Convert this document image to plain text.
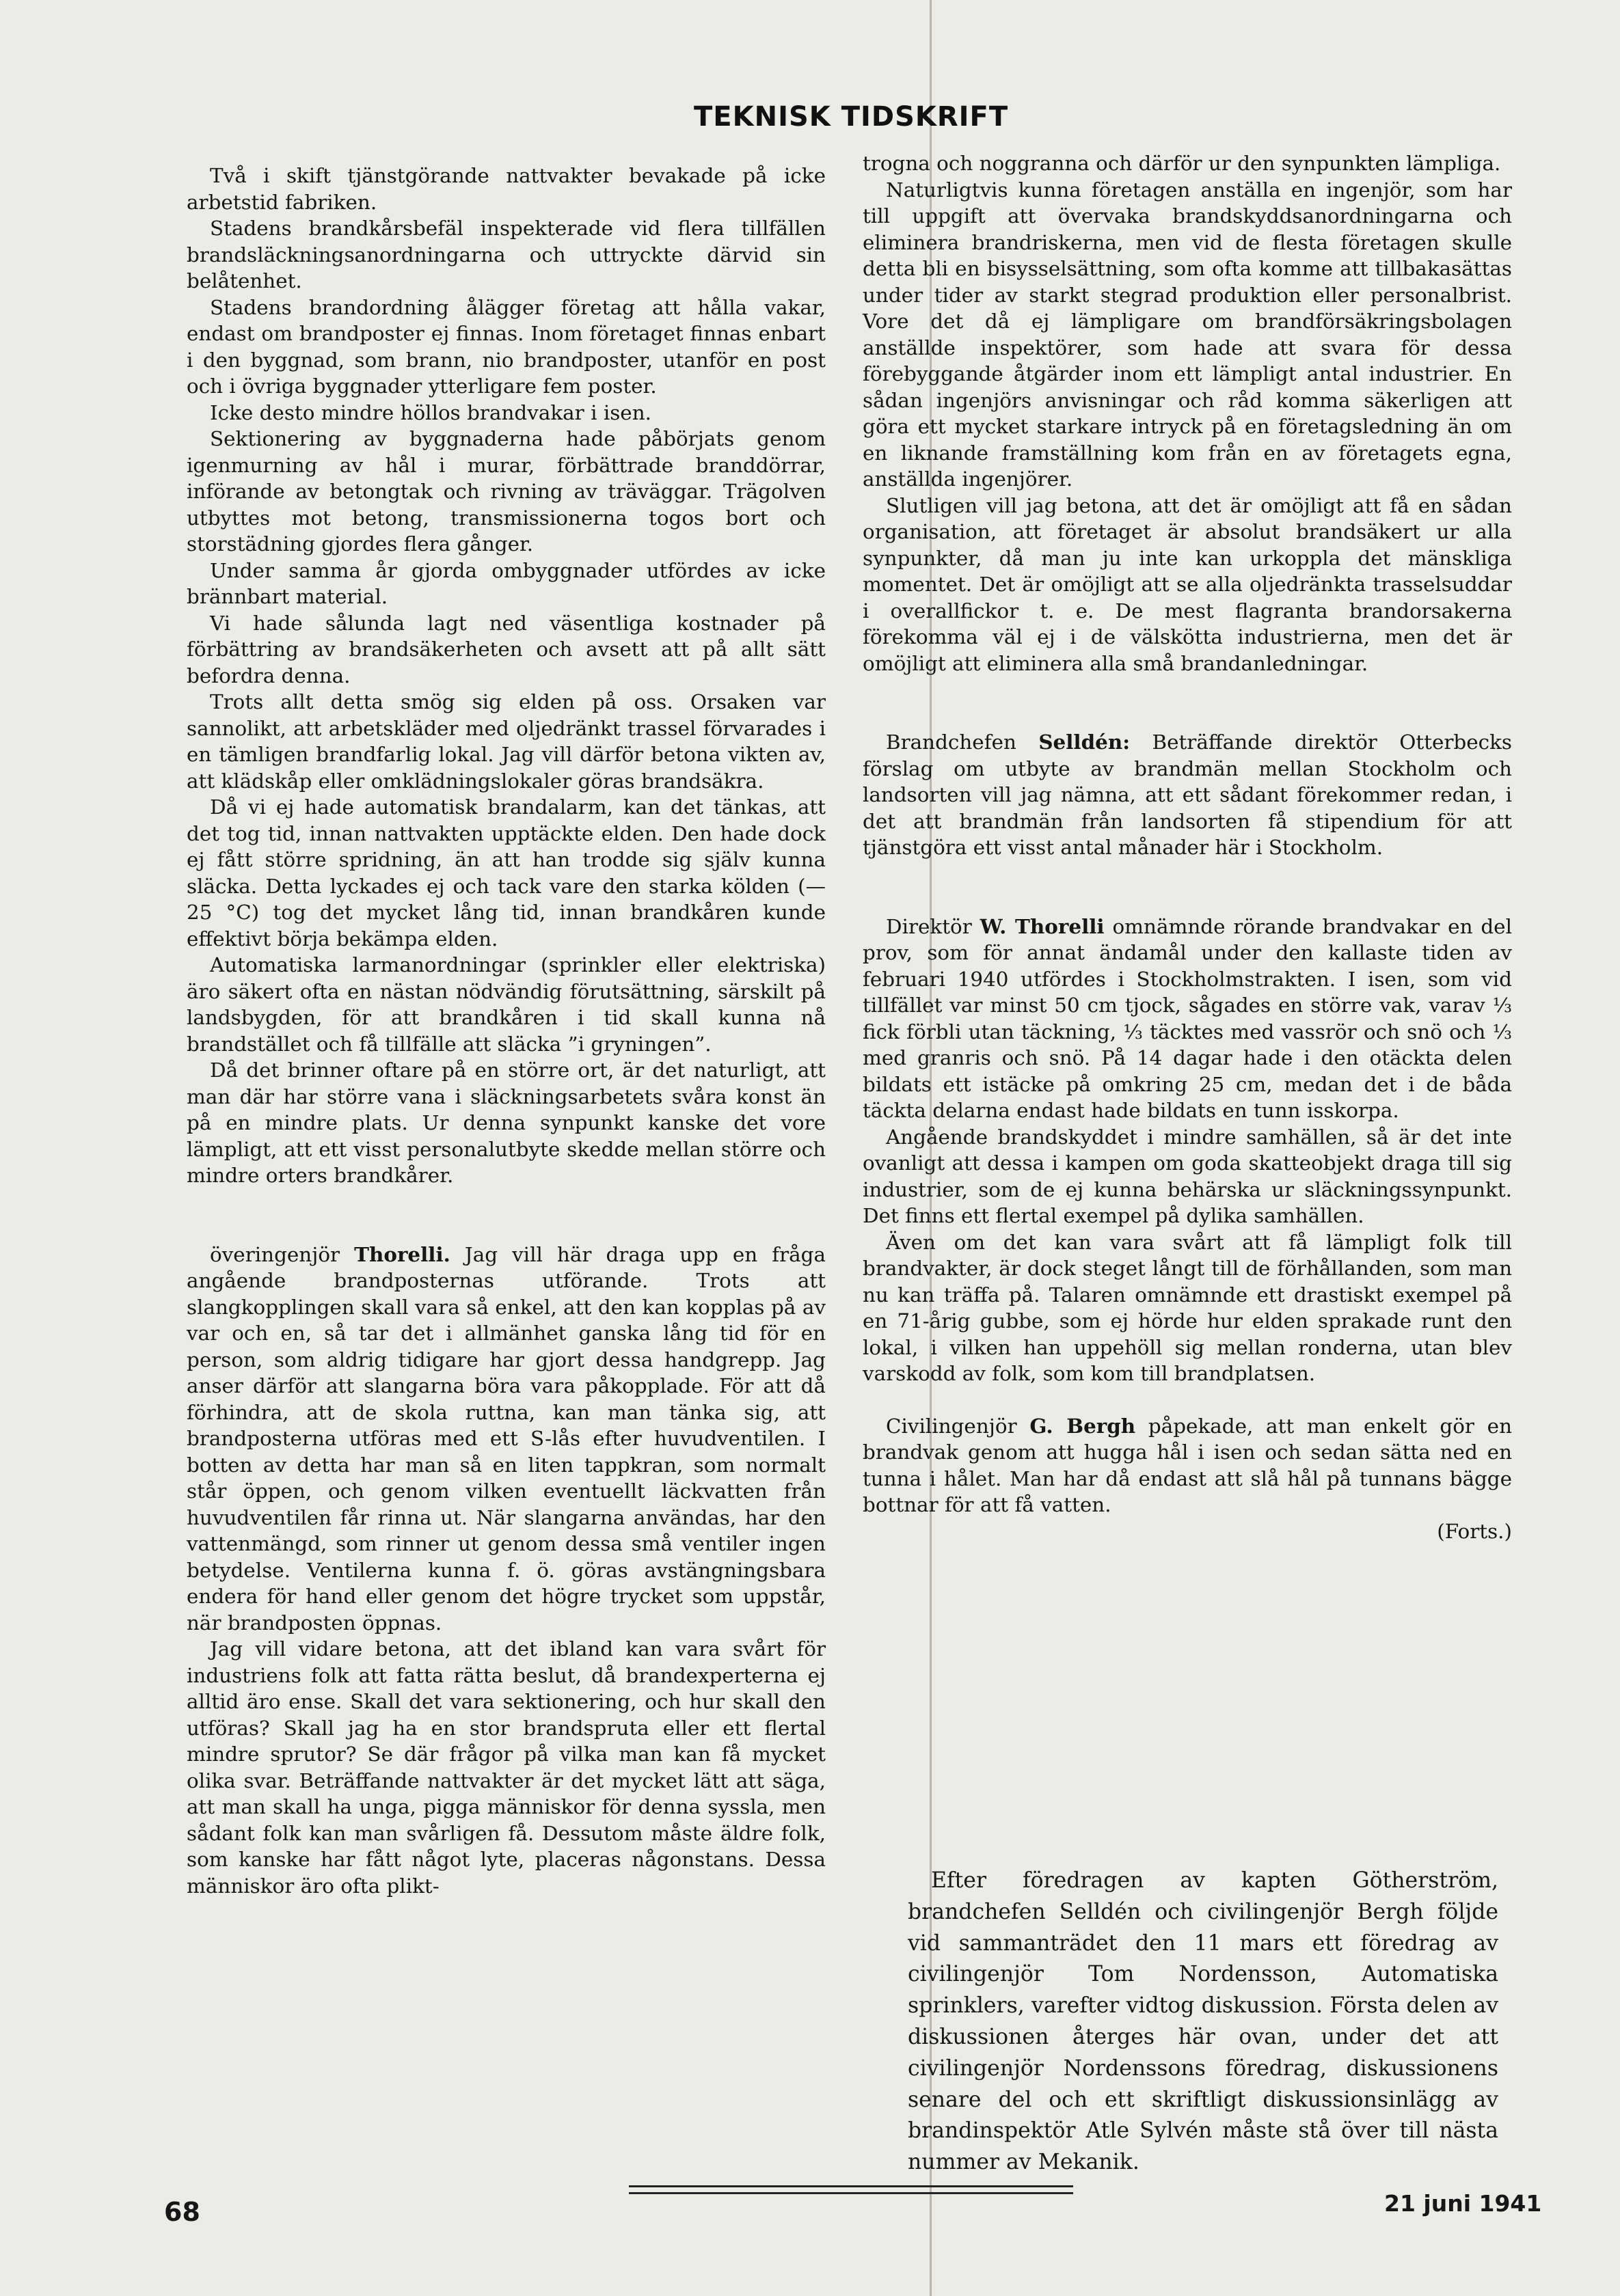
TEKNISK TIDSKRIFT

Två i skift tjänstgörande nattvakter bevakade på icke arbetstid fabriken.

Stadens brandkårsbefäl inspekterade vid flera tillfällen brandsläckningsanordningarna och uttryckte därvid sin belåtenhet.

Stadens brandordning ålägger företag att hålla vakar, endast om brandposter ej finnas. Inom företaget finnas enbart i den byggnad, som brann, nio brandposter, utanför en post och i övriga byggnader ytterligare fem poster.

Icke desto mindre höllos brandvakar i isen.

Sektionering av byggnaderna hade påbörjats genom igenmurning av hål i murar, förbättrade branddörrar, införande av betongtak och rivning av träväggar. Trägolven utbyttes mot betong, transmissionerna togos bort och storstädning gjordes flera gånger.

Under samma år gjorda ombyggnader utfördes av icke brännbart material.

Vi hade sålunda lagt ned väsentliga kostnader på förbättring av brandsäkerheten och avsett att på allt sätt befordra denna.

Trots allt detta smög sig elden på oss. Orsaken var sannolikt, att arbetskläder med oljedränkt trassel förvarades i en tämligen brandfarlig lokal. Jag vill därför betona vikten av, att klädskåp eller omklädningslokaler göras brandsäkra.

Då vi ej hade automatisk brandalarm, kan det tänkas, att det tog tid, innan nattvakten upptäckte elden. Den hade dock ej fått större spridning, än att han trodde sig själv kunna släcka. Detta lyckades ej och tack vare den starka kölden (— 25 °C) tog det mycket lång tid, innan brandkåren kunde effektivt börja bekämpa elden.

Automatiska larmanordningar (sprinkler eller elektriska) äro säkert ofta en nästan nödvändig förutsättning, särskilt på landsbygden, för att brandkåren i tid skall kunna nå brandstället och få tillfälle att släcka ”i gryningen”.

Då det brinner oftare på en större ort, är det naturligt, att man där har större vana i släckningsarbetets svåra konst än på en mindre plats. Ur denna synpunkt kanske det vore lämpligt, att ett visst personalutbyte skedde mellan större och mindre orters brandkårer.

överingenjör Thorelli. Jag vill här draga upp en fråga angående brandposternas utförande. Trots att slangkopplingen skall vara så enkel, att den kan kopplas på av var och en, så tar det i allmänhet ganska lång tid för en person, som aldrig tidigare har gjort dessa handgrepp. Jag anser därför att slangarna böra vara påkopplade. För att då förhindra, att de skola ruttna, kan man tänka sig, att brandposterna utföras med ett S-lås efter huvudventilen. I botten av detta har man så en liten tappkran, som normalt står öppen, och genom vilken eventuellt läckvatten från huvudventilen får rinna ut. När slangarna användas, har den vattenmängd, som rinner ut genom dessa små ventiler ingen betydelse. Ventilerna kunna f. ö. göras avstängningsbara endera för hand eller genom det högre trycket som uppstår, när brandposten öppnas.

Jag vill vidare betona, att det ibland kan vara svårt för industriens folk att fatta rätta beslut, då brandexperterna ej alltid äro ense. Skall det vara sektionering, och hur skall den utföras? Skall jag ha en stor brandspruta eller ett flertal mindre sprutor? Se där frågor på vilka man kan få mycket olika svar. Beträffande nattvakter är det mycket lätt att säga, att man skall ha unga, pigga människor för denna syssla, men sådant folk kan man svårligen få. Dessutom måste äldre folk, som kanske har fått något lyte, placeras någonstans. Dessa människor äro ofta plikt-

trogna och noggranna och därför ur den synpunkten lämpliga.

Naturligtvis kunna företagen anställa en ingenjör, som har till uppgift att övervaka brandskyddsanordningarna och eliminera brandriskerna, men vid de flesta företagen skulle detta bli en bisysselsättning, som ofta komme att tillbakasättas under tider av starkt stegrad produktion eller personalbrist. Vore det då ej lämpligare om brandförsäkringsbolagen anställde inspektörer, som hade att svara för dessa förebyggande åtgärder inom ett lämpligt antal industrier. En sådan ingenjörs anvisningar och råd komma säkerligen att göra ett mycket starkare intryck på en företagsledning än om en liknande framställning kom från en av företagets egna, anställda ingenjörer.

Slutligen vill jag betona, att det är omöjligt att få en sådan organisation, att företaget är absolut brandsäkert ur alla synpunkter, då man ju inte kan urkoppla det mänskliga momentet. Det är omöjligt att se alla oljedränkta trasselsuddar i overallfickor t. e. De mest flagranta brandorsakerna förekomma väl ej i de välskötta industrierna, men det är omöjligt att eliminera alla små brandanledningar.

Brandchefen Selldén: Beträffande direktör Otterbecks förslag om utbyte av brandmän mellan Stockholm och landsorten vill jag nämna, att ett sådant förekommer redan, i det att brandmän från landsorten få stipendium för att tjänstgöra ett visst antal månader här i Stockholm.

Direktör W. Thorelli omnämnde rörande brandvakar en del prov, som för annat ändamål under den kallaste tiden av februari 1940 utfördes i Stockholmstrakten. I isen, som vid tillfället var minst 50 cm tjock, sågades en större vak, varav ⅓ fick förbli utan täckning, ⅓ täcktes med vassrör och snö och ⅓ med granris och snö. På 14 dagar hade i den otäckta delen bildats ett istäcke på omkring 25 cm, medan det i de båda täckta delarna endast hade bildats en tunn isskorpa.

Angående brandskyddet i mindre samhällen, så är det inte ovanligt att dessa i kampen om goda skatteobjekt draga till sig industrier, som de ej kunna behärska ur släckningssynpunkt. Det finns ett flertal exempel på dylika samhällen.

Även om det kan vara svårt att få lämpligt folk till brandvakter, är dock steget långt till de förhållanden, som man nu kan träffa på. Talaren omnämnde ett drastiskt exempel på en 71-årig gubbe, som ej hörde hur elden sprakade runt den lokal, i vilken han uppehöll sig mellan ronderna, utan blev varskodd av folk, som kom till brandplatsen.

Civilingenjör G. Bergh påpekade, att man enkelt gör en brandvak genom att hugga hål i isen och sedan sätta ned en tunna i hålet. Man har då endast att slå hål på tunnans bägge bottnar för att få vatten.

(Forts.)

Efter föredragen av kapten Götherström, brandchefen Selldén och civilingenjör Bergh följde vid sammanträdet den 11 mars ett föredrag av civilingenjör Tom Nordensson, Automatiska sprinklers, varefter vidtog diskussion. Första delen av diskussionen återges här ovan, under det att civilingenjör Nordenssons föredrag, diskussionens senare del och ett skriftligt diskussionsinlägg av brandinspektör Atle Sylvén måste stå över till nästa nummer av Mekanik.

68	21 juni 1941
